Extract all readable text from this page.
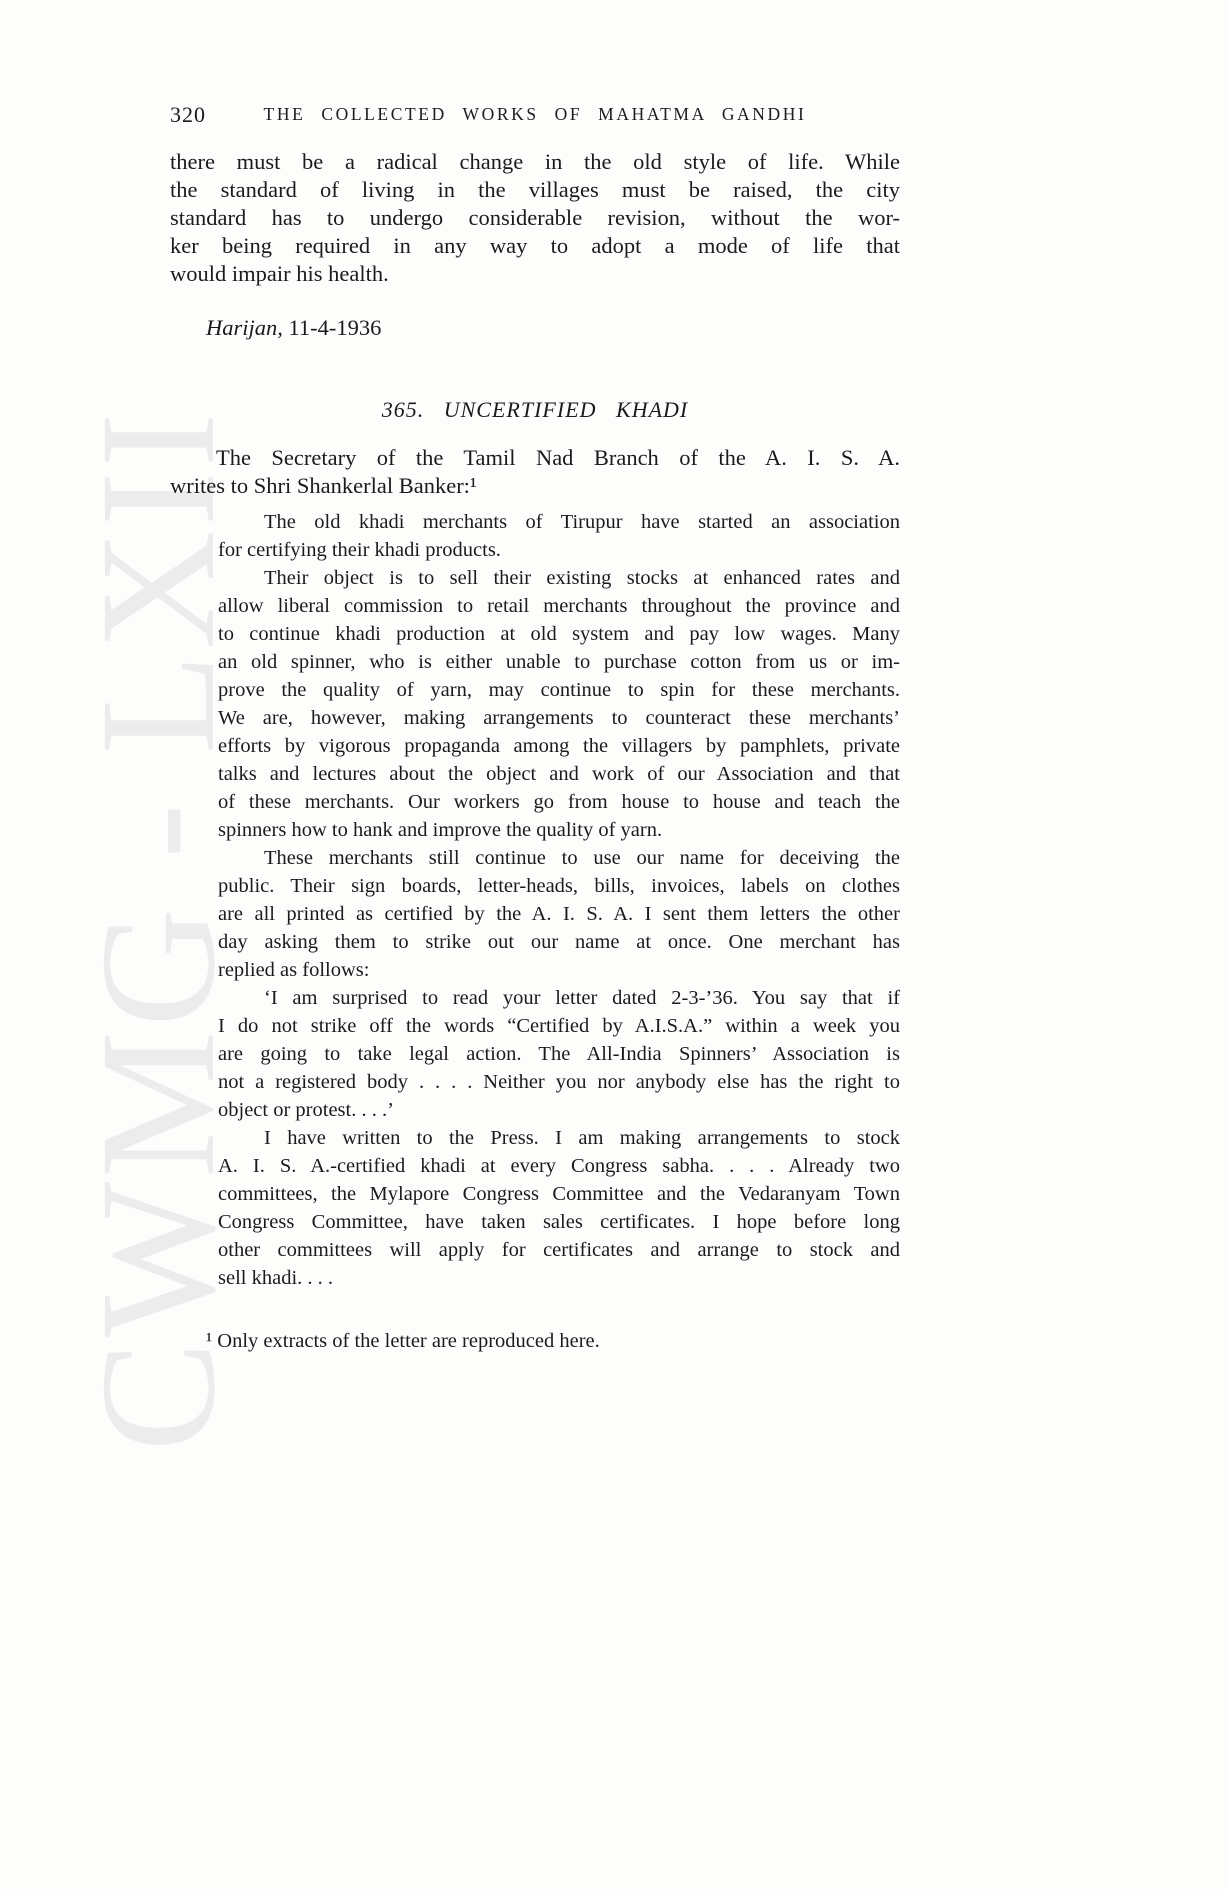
CWMG - LXII
320	THE COLLECTED WORKS OF MAHATMA GANDHI
there must be a radical change in the old style of life. While
the standard of living in the villages must be raised, the city
standard has to undergo considerable revision, without the wor-
ker being required in any way to adopt a mode of life that
would impair his health.
Harijan, 11-4-1936
365. UNCERTIFIED KHADI
The Secretary of the Tamil Nad Branch of the A. I. S. A.
writes to Shri Shankerlal Banker:¹
The old khadi merchants of Tirupur have started an association
for certifying their khadi products.
Their object is to sell their existing stocks at enhanced rates and
allow liberal commission to retail merchants throughout the province and
to continue khadi production at old system and pay low wages. Many
an old spinner, who is either unable to purchase cotton from us or im-
prove the quality of yarn, may continue to spin for these merchants.
We are, however, making arrangements to counteract these merchants’
efforts by vigorous propaganda among the villagers by pamphlets, private
talks and lectures about the object and work of our Association and that
of these merchants. Our workers go from house to house and teach the
spinners how to hank and improve the quality of yarn.
These merchants still continue to use our name for deceiving the
public. Their sign boards, letter-heads, bills, invoices, labels on clothes
are all printed as certified by the A. I. S. A. I sent them letters the other
day asking them to strike out our name at once. One merchant has
replied as follows:
‘I am surprised to read your letter dated 2-3-’36. You say that if
I do not strike off the words “Certified by A.I.S.A.” within a week you
are going to take legal action. The All-India Spinners’ Association is
not a registered body . . . . Neither you nor anybody else has the right to
object or protest. . . .’
I have written to the Press. I am making arrangements to stock
A. I. S. A.-certified khadi at every Congress sabha. . . . Already two
committees, the Mylapore Congress Committee and the Vedaranyam Town
Congress Committee, have taken sales certificates. I hope before long
other committees will apply for certificates and arrange to stock and
sell khadi. . . .
¹ Only extracts of the letter are reproduced here.
